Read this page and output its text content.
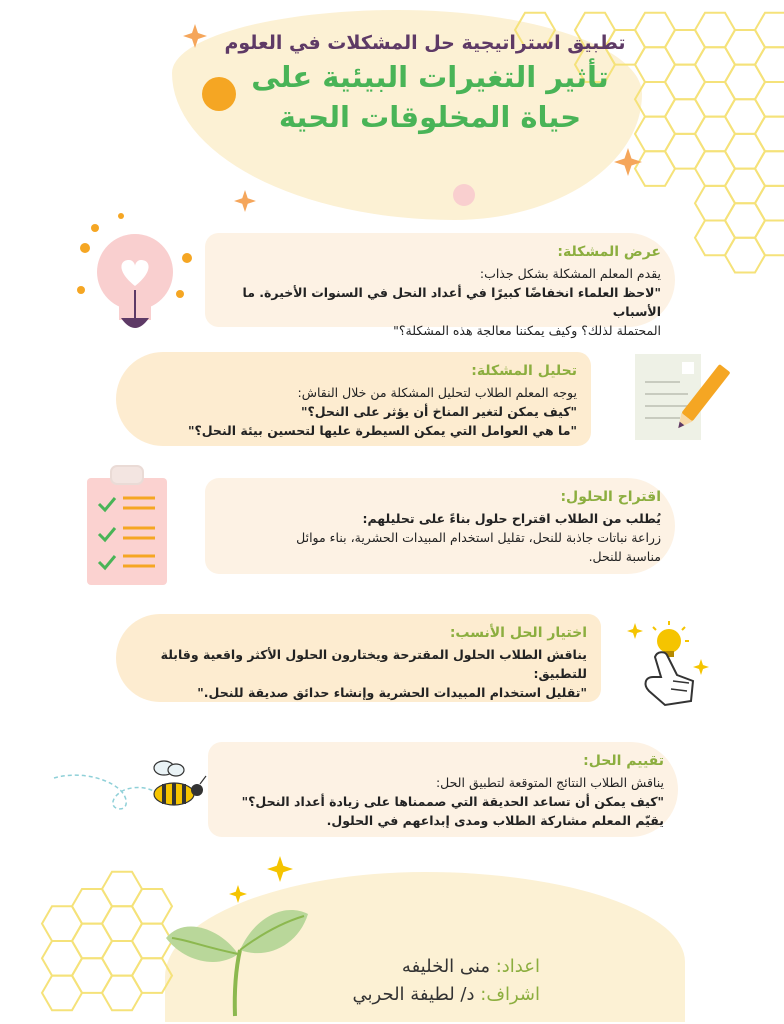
تطبيق استراتيجية حل المشكلات في العلوم
تأثير التغيرات البيئية على
حياة المخلوقات الحية
عرض المشكلة:
يقدم المعلم المشكلة بشكل جذاب:
"لاحظ العلماء انخفاضًا كبيرًا في أعداد النحل في السنوات الأخيرة. ما الأسباب
المحتملة لذلك؟ وكيف يمكننا معالجة هذه المشكلة؟"
تحليل المشكلة:
يوجه المعلم الطلاب لتحليل المشكلة من خلال النقاش:
"كيف يمكن لتغير المناخ أن يؤثر على النحل؟"
"ما هي العوامل التي يمكن السيطرة عليها لتحسين بيئة النحل؟"
اقتراح الحلول:
يُطلب من الطلاب اقتراح حلول بناءً على تحليلهم:
زراعة نباتات جاذبة للنحل، تقليل استخدام المبيدات الحشرية، بناء موائل
مناسبة للنحل.
اختيار الحل الأنسب:
يناقش الطلاب الحلول المقترحة ويختارون الحلول الأكثر واقعية وقابلة للتطبيق:
"تقليل استخدام المبيدات الحشرية وإنشاء حدائق صديقة للنحل."
تقييم الحل:
يناقش الطلاب النتائج المتوقعة لتطبيق الحل:
"كيف يمكن أن تساعد الحديقة التي صممناها على زيادة أعداد النحل؟"
يقيّم المعلم مشاركة الطلاب ومدى إبداعهم في الحلول.
اعداد: منى الخليفه
اشراف: د/ لطيفة الحربي
